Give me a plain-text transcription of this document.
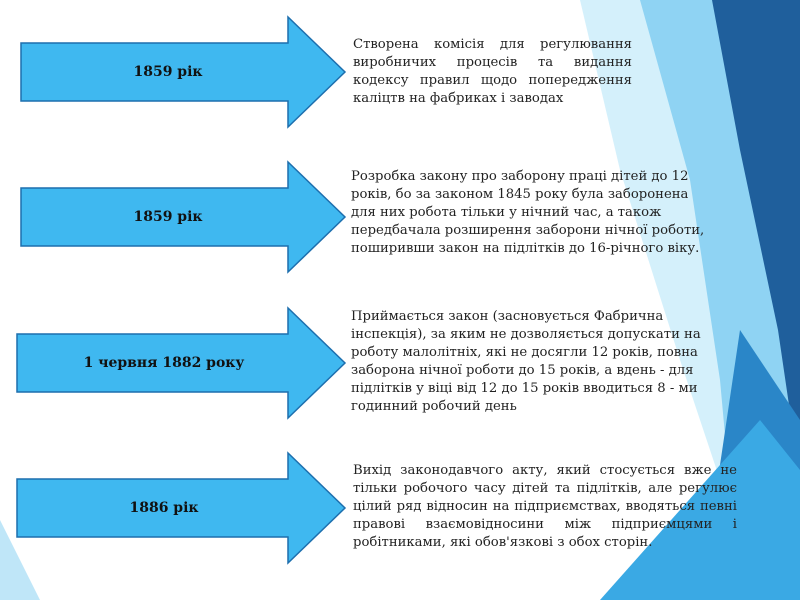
1859 рік
Створена комісія для регулювання виробничих процесів та видання кодексу правил щодо попередження каліцтв на фабриках і заводах
1859 рік
Розробка закону про заборону праці дітей до 12 років, бо за законом 1845 року була заборонена для них робота тільки у нічний час, а також передбачала розширення заборони нічної роботи, поширивши закон на підлітків до 16-річного віку.
1 червня 1882 року
Приймається закон (засновується Фабрична інспекція), за яким не дозволяється допускати на роботу малолітніх, які не досягли 12 років, повна заборона нічної роботи до 15 років, а вдень - для підлітків у віці від 12 до 15 років вводиться 8 - ми годинний робочий день
1886 рік
Вихід законодавчого акту, який стосується вже не тільки робочого часу дітей та підлітків, але регулює цілий ряд відносин на підприємствах, вводяться певні правові взаємовідносини між підприємцями і робітниками, які обов'язкові з обох сторін.
